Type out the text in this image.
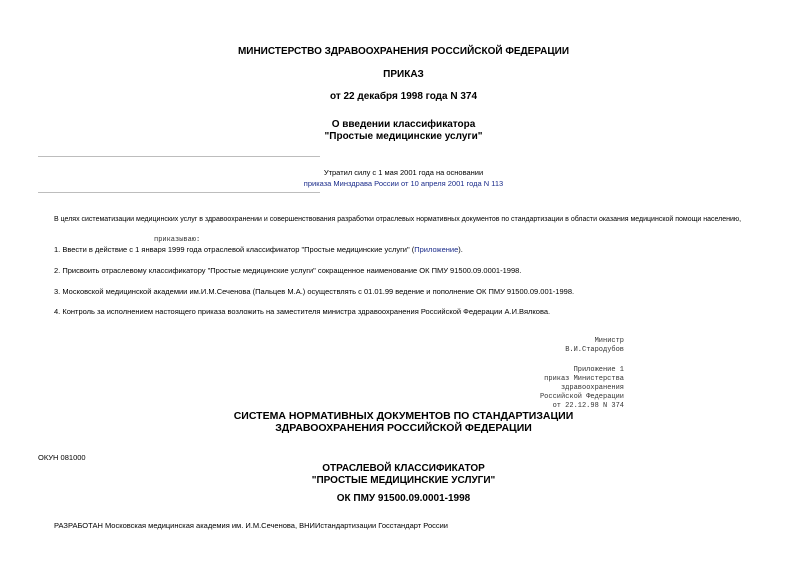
МИНИСТЕРСТВО ЗДРАВООХРАНЕНИЯ РОССИЙСКОЙ ФЕДЕРАЦИИ
ПРИКАЗ
от 22 декабря 1998 года N 374
О введении классификатора
"Простые медицинские услуги"
Утратил силу с 1 мая 2001 года на основании
приказа Минздрава России от 10 апреля 2001 года N 113
В целях систематизации медицинских услуг в здравоохранении и совершенствования разработки отраслевых нормативных документов по стандартизации в области оказания медицинской помощи населению,
приказываю:
1. Ввести в действие с 1 января 1999 года отраслевой классификатор "Простые медицинские услуги" (Приложение).
2. Присвоить отраслевому классификатору "Простые медицинские услуги" сокращенное наименование ОК ПМУ 91500.09.0001-1998.
3. Московской медицинской академии им.И.М.Сеченова (Пальцев М.А.) осуществлять с 01.01.99 ведение и пополнение ОК ПМУ 91500.09.001-1998.
4. Контроль за исполнением настоящего приказа возложить на заместителя министра здравоохранения Российской Федерации А.И.Вялкова.
Министр
В.И.Стародубов
Приложение 1
приказ Министерства
здравоохранения
Российской Федерации
от 22.12.98 N 374
СИСТЕМА НОРМАТИВНЫХ ДОКУМЕНТОВ ПО СТАНДАРТИЗАЦИИ
ЗДРАВООХРАНЕНИЯ РОССИЙСКОЙ ФЕДЕРАЦИИ
ОКУН 081000
ОТРАСЛЕВОЙ КЛАССИФИКАТОР
"ПРОСТЫЕ МЕДИЦИНСКИЕ УСЛУГИ"
ОК ПМУ 91500.09.0001-1998
РАЗРАБОТАН Московская медицинская академия им. И.М.Сеченова, ВНИИстандартизации Госстандарт России
